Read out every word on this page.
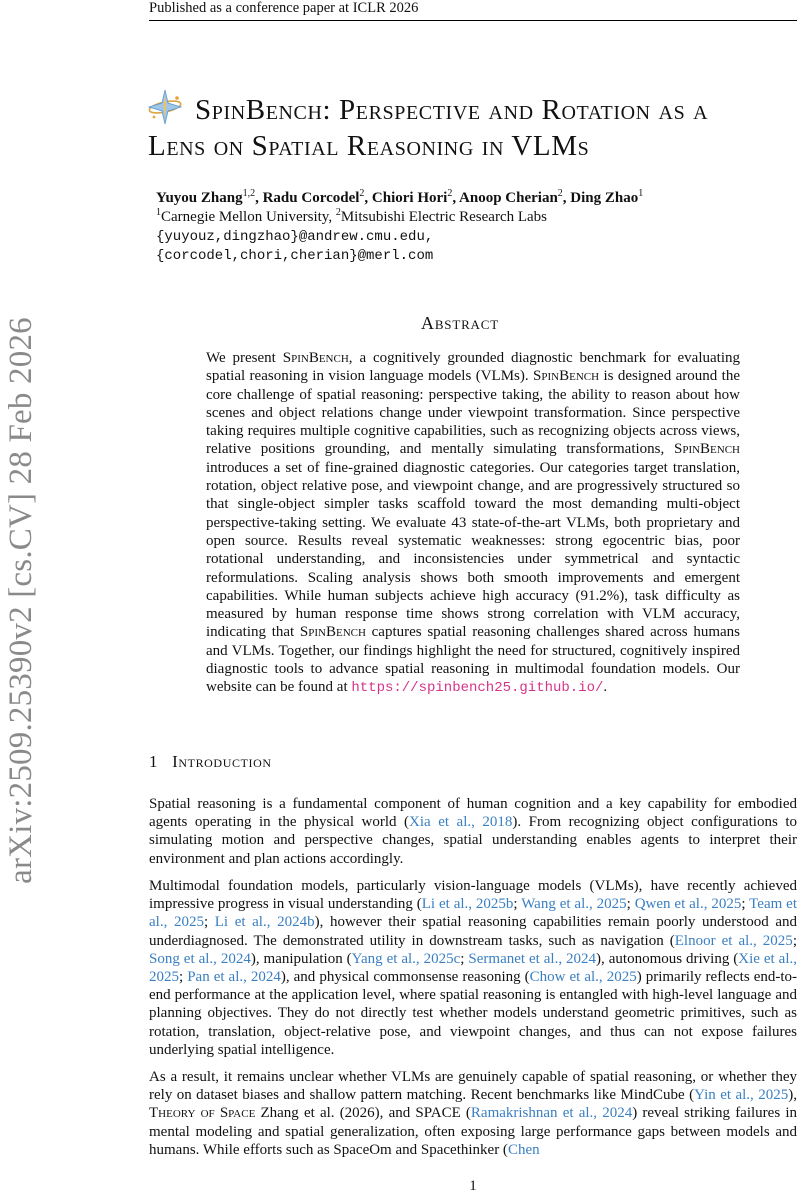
Published as a conference paper at ICLR 2026
arXiv:2509.25390v2 [cs.CV] 28 Feb 2026
SpinBench: Perspective and Rotation as a
Lens on Spatial Reasoning in VLMs
Yuyou Zhang$^{1,2}$, Radu Corcodel$^2$, Chiori Hori$^2$, Anoop Cherian$^2$, Ding Zhao$^1$
$^1$Carnegie Mellon University, $^2$Mitsubishi Electric Research Labs
{yuyouz,dingzhao}@andrew.cmu.edu,
{corcodel,chori,cherian}@merl.com
Abstract

We present SpinBench, a cognitively grounded diagnostic benchmark for evaluating spatial reasoning in vision language models (VLMs). SpinBench is designed around the core challenge of spatial reasoning: perspective taking, the ability to reason about how scenes and object relations change under viewpoint transformation. Since perspective taking requires multiple cognitive capabilities, such as recognizing objects across views, relative positions grounding, and mentally simulating transformations, SpinBench introduces a set of fine-grained diagnostic categories. Our categories target translation, rotation, object relative pose, and viewpoint change, and are progressively structured so that single-object simpler tasks scaffold toward the most demanding multi-object perspective-taking setting. We evaluate 43 state-of-the-art VLMs, both proprietary and open source. Results reveal systematic weaknesses: strong egocentric bias, poor rotational understanding, and inconsistencies under symmetrical and syntactic reformulations. Scaling analysis shows both smooth improvements and emergent capabilities. While human subjects achieve high accuracy (91.2%), task difficulty as measured by human response time shows strong correlation with VLM accuracy, indicating that SpinBench captures spatial reasoning challenges shared across humans and VLMs. Together, our findings highlight the need for structured, cognitively inspired diagnostic tools to advance spatial reasoning in multimodal foundation models. Our website can be found at https://spinbench25.github.io/.

1 Introduction

Spatial reasoning is a fundamental component of human cognition and a key capability for embodied agents operating in the physical world (Xia et al., 2018). From recognizing object configurations to simulating motion and perspective changes, spatial understanding enables agents to interpret their environment and plan actions accordingly.

Multimodal foundation models, particularly vision-language models (VLMs), have recently achieved impressive progress in visual understanding (Li et al., 2025b; Wang et al., 2025; Qwen et al., 2025; Team et al., 2025; Li et al., 2024b), however their spatial reasoning capabilities remain poorly understood and underdiagnosed. The demonstrated utility in downstream tasks, such as navigation (Elnoor et al., 2025; Song et al., 2024), manipulation (Yang et al., 2025c; Sermanet et al., 2024), autonomous driving (Xie et al., 2025; Pan et al., 2024), and physical commonsense reasoning (Chow et al., 2025) primarily reflects end-to-end performance at the application level, where spatial reasoning is entangled with high-level language and planning objectives. They do not directly test whether models understand geometric primitives, such as rotation, translation, object-relative pose, and viewpoint changes, and thus can not expose failures underlying spatial intelligence.

As a result, it remains unclear whether VLMs are genuinely capable of spatial reasoning, or whether they rely on dataset biases and shallow pattern matching. Recent benchmarks like MindCube (Yin et al., 2025), Theory of Space Zhang et al. (2026), and SPACE (Ramakrishnan et al., 2024) reveal striking failures in mental modeling and spatial generalization, often exposing large performance gaps between models and humans. While efforts such as SpaceOm and Spacethinker (Chen

1
